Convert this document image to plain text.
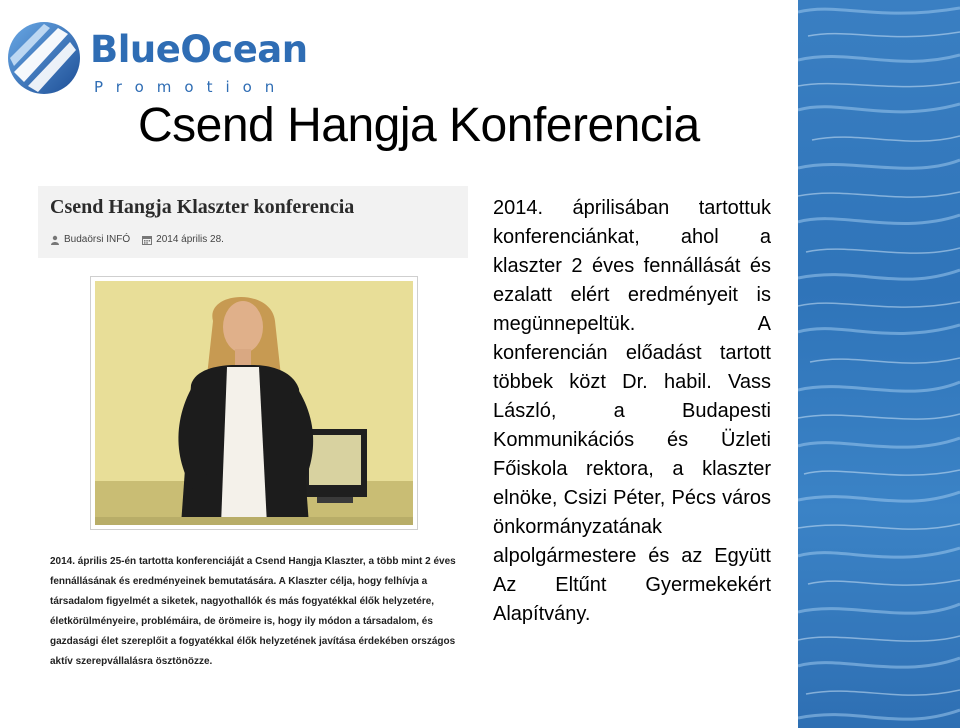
BlueOcean
Promotion
Csend Hangja Konferencia
Csend Hangja Klaszter konferencia
Budaörsi INFÓ	2014 április 28.
2014. április 25-én tartotta konferenciáját a Csend Hangja Klaszter, a több mint 2 éves fennállásának és eredményeinek bemutatására. A Klaszter célja, hogy felhívja a társadalom figyelmét a siketek, nagyothallók és más fogyatékkal élők helyzetére, életkörülményeire, problémáira, de örömeire is, hogy ily módon a társadalom, és gazdasági élet szereplőit a fogyatékkal élők helyzetének javítása érdekében országos aktív szerepvállalásra ösztönözze.
2014. áprilisában tartottuk konferenciánkat, ahol a klaszter 2 éves fennállását és ezalatt elért eredményeit is megünnepeltük. A konferencián előadást tartott többek közt Dr. habil. Vass László, a Budapesti Kommunikációs és Üzleti Főiskola rektora, a klaszter elnöke, Csizi Péter, Pécs város önkormányzatának alpolgármestere és az Együtt Az Eltűnt Gyermekekért Alapítvány.
